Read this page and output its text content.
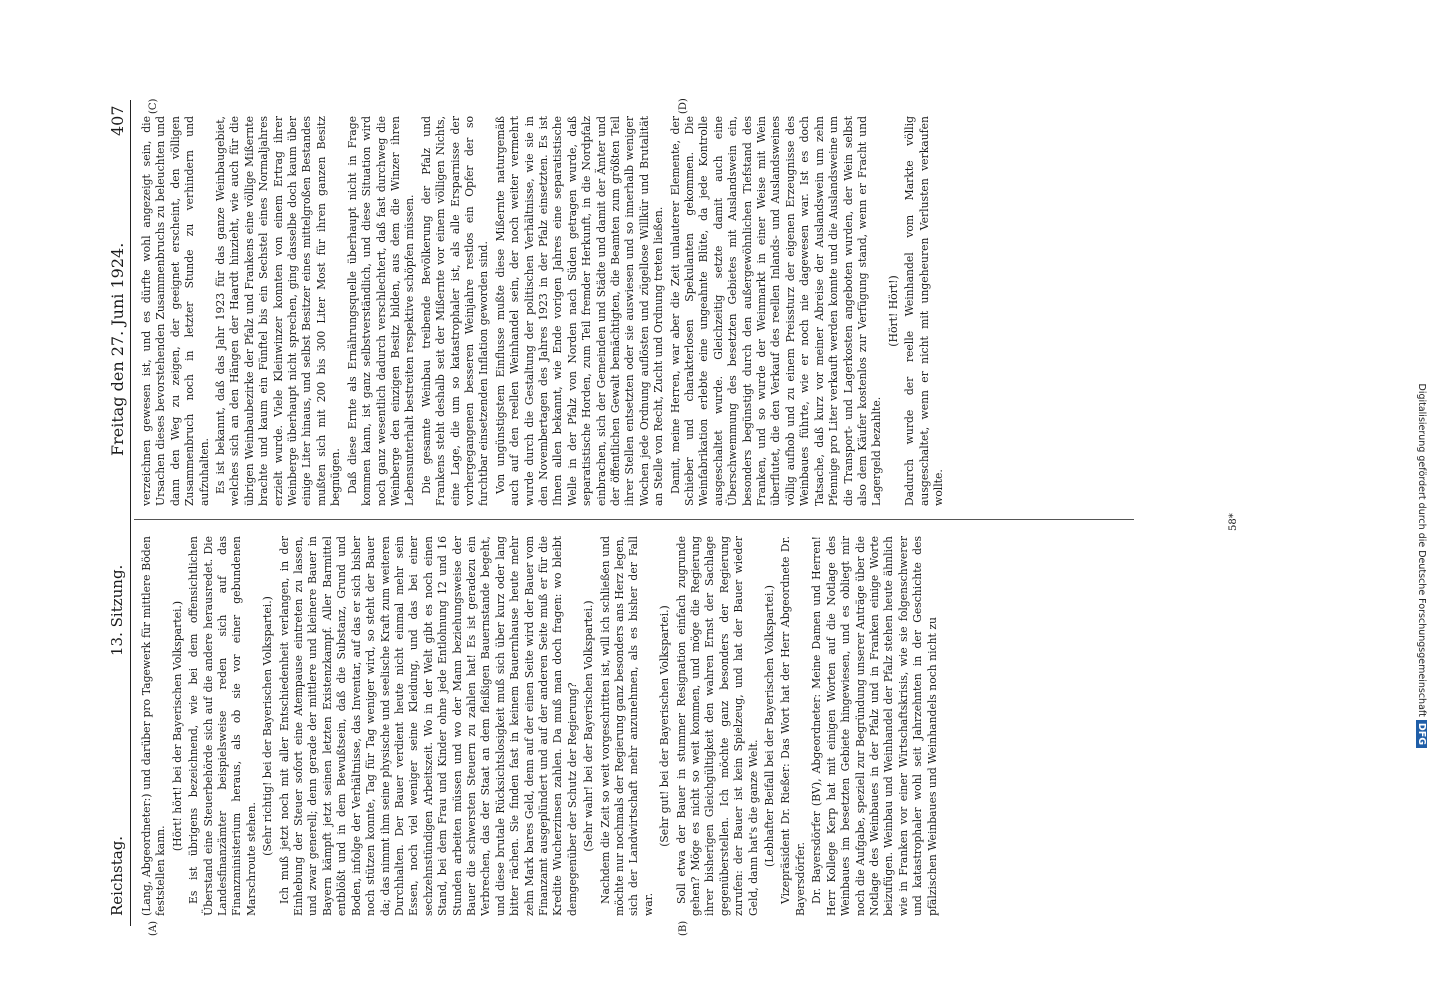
Reichstag.
13. Sitzung.
Freitag den 27. Juni 1924.
407
(A)	(B)
(C)	(D)

(Lang, Abgeordneter:) und darüber pro Tagewerk für mittlere Böden feststellen kann.

(Hört! hört! bei der Bayerischen Volkspartei.) Es ist übrigens bezeichnend, wie bei dem offensichtlichen Überstand eine Steuerbehörde sich auf die andere herausredet. Die Landesfinanzämter beispielsweise reden sich auf das Finanzministerium heraus, als ob sie vor einer gebundenen Marschroute stehen.

(Sehr richtig! bei der Bayerischen Volkspartei.) Ich muß jetzt noch mit aller Entschiedenheit verlangen, in der Einhebung der Steuer sofort eine Atempause eintreten zu lassen, und zwar generell; denn gerade der mittlere und kleinere Bauer in Bayern kämpft jetzt seinen letzten Existenzkampf. Aller Barmittel entblößt und in dem Bewußtsein, daß die Substanz, Grund und Boden, infolge der Verhältnisse, das Inventar, auf das er sich bisher noch stützen konnte, Tag für Tag weniger wird, so steht der Bauer da; das nimmt ihm seine physische und seelische Kraft zum weiteren Durchhalten. Der Bauer verdient heute nicht einmal mehr sein Essen, noch viel weniger seine Kleidung, und das bei einer sechzehnstündigen Arbeitszeit. Wo in der Welt gibt es noch einen Stand, bei dem Frau und Kinder ohne jede Entlohnung 12 und 16 Stunden arbeiten müssen und wo der Mann beziehungsweise der Bauer die schwersten Steuern zu zahlen hat! Es ist geradezu ein Verbrechen, das der Staat an dem fleißigen Bauernstande begeht, und diese brutale Rücksichtslosigkeit muß sich über kurz oder lang bitter rächen. Sie finden fast in keinem Bauernhause heute mehr zehn Mark bares Geld, denn auf der einen Seite wird der Bauer vom Finanzamt ausgeplündert und auf der anderen Seite muß er für die Kredite Wucherzinsen zahlen. Da muß man doch fragen: wo bleibt demgegenüber der Schutz der Regierung? (Sehr wahr! bei der Bayerischen Volkspartei.) Nachdem die Zeit so weit vorgeschritten ist, will ich schließen und möchte nur nochmals der Regierung ganz besonders ans Herz legen, sich der Landwirtschaft mehr anzunehmen, als es bisher der Fall war.

(Sehr gut! bei der Bayerischen Volkspartei.) Soll etwa der Bauer in stummer Resignation einfach zugrunde gehen? Möge es nicht so weit kommen, und möge die Regierung ihrer bisherigen Gleichgültigkeit den wahren Ernst der Sachlage gegenüberstellen. Ich möchte ganz besonders der Regierung zurufen: der Bauer ist kein Spielzeug, und hat der Bauer wieder Geld, dann hat's die ganze Welt. (Lebhafter Beifall bei der Bayerischen Volkspartei.) Vizepräsident Dr. Rießer: Das Wort hat der Herr Abgeordnete Dr. Bayersdörfer. Dr. Bayersdörfer (BV), Abgeordneter: Meine Damen und Herren! Herr Kollege Kerp hat mit einigen Worten auf die Notlage des Weinbaues im besetzten Gebiete hingewiesen, und es obliegt mir noch die Aufgabe, speziell zur Begründung unserer Anträge über die Notlage des Weinbaues in der Pfalz und in Franken einige Worte beizufügen. Weinbau und Weinhandel der Pfalz stehen heute ähnlich wie in Franken vor einer Wirtschaftskrisis, wie sie folgenschwerer und katastrophaler wohl seit Jahrzehnten in der Geschichte des pfälzischen Weinbaues und Weinhandels noch nicht zu

verzeichnen gewesen ist, und es dürfte wohl angezeigt sein, die Ursachen dieses bevorstehenden Zusammenbruchs zu beleuchten und dann den Weg zu zeigen, der geeignet erscheint, den völligen Zusammenbruch noch in letzter Stunde zu verhindern und aufzuhalten. Es ist bekannt, daß das Jahr 1923 für das ganze Weinbaugebiet, welches sich an den Hängen der Haardt hinzieht, wie auch für die übrigen Weinbaubezirke der Pfalz und Frankens eine völlige Mißernte brachte und kaum ein Fünftel bis ein Sechstel eines Normaljahres erzielt wurde. Viele Kleinwinzer konnten von einem Ertrag ihrer Weinberge überhaupt nicht sprechen, ging dasselbe doch kaum über einige Liter hinaus, und selbst Besitzer eines mittelgroßen Bestandes mußten sich mit 200 bis 300 Liter Most für ihren ganzen Besitz begnügen. Daß diese Ernte als Ernährungsquelle überhaupt nicht in Frage kommen kann, ist ganz selbstverständlich, und diese Situation wird noch ganz wesentlich dadurch verschlechtert, daß fast durchweg die Weinberge den einzigen Besitz bilden, aus dem die Winzer ihren Lebensunterhalt bestreiten respektive schöpfen müssen. Die gesamte Weinbau treibende Bevölkerung der Pfalz und Frankens steht deshalb seit der Mißernte vor einem völligen Nichts, eine Lage, die um so katastrophaler ist, als alle Ersparnisse der vorhergegangenen besseren Weinjahre restlos ein Opfer der so furchtbar einsetzenden Inflation geworden sind. Von ungünstigstem Einflusse mußte diese Mißernte naturgemäß auch auf den reellen Weinhandel sein, der noch weiter vermehrt wurde durch die Gestaltung der politischen Verhältnisse, wie sie in den Novembertagen des Jahres 1923 in der Pfalz einsetzten. Es ist Ihnen allen bekannt, wie Ende vorigen Jahres eine separatistische Welle in der Pfalz von Norden nach Süden getragen wurde, daß separatistische Horden, zum Teil fremder Herkunft, in die Nordpfalz einbrachen, sich der Gemeinden und Städte und damit der Ämter und der öffentlichen Gewalt bemächtigten, die Beamten zum größten Teil ihrer Stellen entsetzten oder sie auswiesen und so innerhalb weniger Wochen jede Ordnung auflösten und zügellose Willkür und Brutalität an Stelle von Recht, Zucht und Ordnung treten ließen. Damit, meine Herren, war aber die Zeit unlauterer Elemente, der Schieber und charakterlosen Spekulanten gekommen. Die Weinfabrikation erlebte eine ungeahnte Blüte, da jede Kontrolle ausgeschaltet wurde. Gleichzeitig setzte damit auch eine Überschwemmung des besetzten Gebietes mit Auslandswein ein, besonders begünstigt durch den außergewöhnlichen Tiefstand des Franken, und so wurde der Weinmarkt in einer Weise mit Wein überflutet, die den Verkauf des reellen Inlands- und Auslandsweines völlig aufhob und zu einem Preissturz der eigenen Erzeugnisse des Weinbaues führte, wie er noch nie dagewesen war. Ist es doch Tatsache, daß kurz vor meiner Abreise der Auslandswein um zehn Pfennige pro Liter verkauft werden konnte und die Auslandsweine um die Transport- und Lagerkosten angeboten wurden, der Wein selbst also dem Käufer kostenlos zur Verfügung stand, wenn er Fracht und Lagergeld bezahlte.

(Hört! Hört!) Dadurch wurde der reelle Weinhandel vom Markte völlig ausgeschaltet, wenn er nicht mit ungeheuren Verlusten verkaufen wollte.

58*	Digitalisierung gefördert durch die Deutsche ForschungsgemeinschaftDFG
